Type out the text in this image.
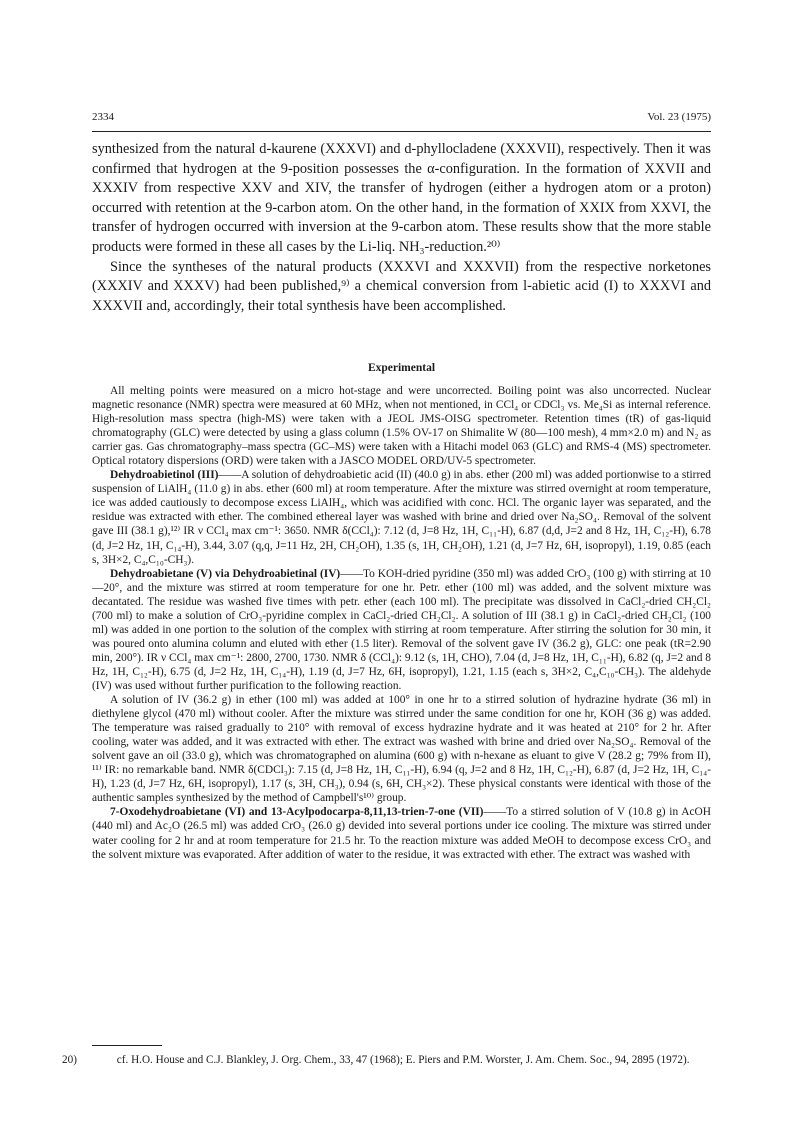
2334	Vol. 23 (1975)

synthesized from the natural d-kaurene (XXXVI) and d-phyllocladene (XXXVII), respectively. Then it was confirmed that hydrogen at the 9-position possesses the α-configuration. In the formation of XXVII and XXXIV from respective XXV and XIV, the transfer of hydrogen (either a hydrogen atom or a proton) occurred with retention at the 9-carbon atom. On the other hand, in the formation of XXIX from XXVI, the transfer of hydrogen occurred with inversion at the 9-carbon atom. These results show that the more stable products were formed in these all cases by the Li-liq. NH₃-reduction.²⁰⁾

Since the syntheses of the natural products (XXXVI and XXXVII) from the respective norketones (XXXIV and XXXV) had been published,⁹⁾ a chemical conversion from l-abietic acid (I) to XXXVI and XXXVII and, accordingly, their total synthesis have been accomplished.

Experimental

All melting points were measured on a micro hot-stage and were uncorrected. Boiling point was also uncorrected. Nuclear magnetic resonance (NMR) spectra were measured at 60 MHz, when not mentioned, in CCl₄ or CDCl₃ vs. Me₄Si as internal reference. High-resolution mass spectra (high-MS) were taken with a JEOL JMS-OISG spectrometer. Retention times (tR) of gas-liquid chromatography (GLC) were detected by using a glass column (1.5% OV-17 on Shimalite W (80—100 mesh), 4 mm×2.0 m) and N₂ as carrier gas. Gas chromatography–mass spectra (GC–MS) were taken with a Hitachi model 063 (GLC) and RMS-4 (MS) spectrometer. Optical rotatory dispersions (ORD) were taken with a JASCO MODEL ORD/UV-5 spectrometer.

Dehydroabietinol (III)——A solution of dehydroabietic acid (II) (40.0 g) in abs. ether (200 ml) was added portionwise to a stirred suspension of LiAlH₄ (11.0 g) in abs. ether (600 ml) at room temperature. After the mixture was stirred overnight at room temperature, ice was added cautiously to decompose excess LiAlH₄, which was acidified with conc. HCl. The organic layer was separated, and the residue was extracted with ether. The combined ethereal layer was washed with brine and dried over Na₂SO₄. Removal of the solvent gave III (38.1 g),¹²⁾ IR ν CCl₄ max cm⁻¹: 3650. NMR δ(CCl₄): 7.12 (d, J=8 Hz, 1H, C₁₁-H), 6.87 (d,d, J=2 and 8 Hz, 1H, C₁₂-H), 6.78 (d, J=2 Hz, 1H, C₁₄-H), 3.44, 3.07 (q,q, J=11 Hz, 2H, CH₂OH), 1.35 (s, 1H, CH₂OH), 1.21 (d, J=7 Hz, 6H, isopropyl), 1.19, 0.85 (each s, 3H×2, C₄,C₁₀-CH₃).

Dehydroabietane (V) via Dehydroabietinal (IV)——To KOH-dried pyridine (350 ml) was added CrO₃ (100 g) with stirring at 10—20°, and the mixture was stirred at room temperature for one hr. Petr. ether (100 ml) was added, and the solvent mixture was decantated. The residue was washed five times with petr. ether (each 100 ml). The precipitate was dissolved in CaCl₂-dried CH₂Cl₂ (700 ml) to make a solution of CrO₃-pyridine complex in CaCl₂-dried CH₂Cl₂. A solution of III (38.1 g) in CaCl₂-dried CH₂Cl₂ (100 ml) was added in one portion to the solution of the complex with stirring at room temperature. After stirring the solution for 30 min, it was poured onto alumina column and eluted with ether (1.5 liter). Removal of the solvent gave IV (36.2 g), GLC: one peak (tR=2.90 min, 200°). IR ν CCl₄ max cm⁻¹: 2800, 2700, 1730. NMR δ (CCl₄): 9.12 (s, 1H, CHO), 7.04 (d, J=8 Hz, 1H, C₁₁-H), 6.82 (q, J=2 and 8 Hz, 1H, C₁₂-H), 6.75 (d, J=2 Hz, 1H, C₁₄-H), 1.19 (d, J=7 Hz, 6H, isopropyl), 1.21, 1.15 (each s, 3H×2, C₄,C₁₀-CH₃). The aldehyde (IV) was used without further purification to the following reaction.

A solution of IV (36.2 g) in ether (100 ml) was added at 100° in one hr to a stirred solution of hydrazine hydrate (36 ml) in diethylene glycol (470 ml) without cooler. After the mixture was stirred under the same condition for one hr, KOH (36 g) was added. The temperature was raised gradually to 210° with removal of excess hydrazine hydrate and it was heated at 210° for 2 hr. After cooling, water was added, and it was extracted with ether. The extract was washed with brine and dried over Na₂SO₄. Removal of the solvent gave an oil (33.0 g), which was chromatographed on alumina (600 g) with n-hexane as eluant to give V (28.2 g; 79% from II), ¹¹⁾ IR: no remarkable band. NMR δ(CDCl₃): 7.15 (d, J=8 Hz, 1H, C₁₁-H), 6.94 (q, J=2 and 8 Hz, 1H, C₁₂-H), 6.87 (d, J=2 Hz, 1H, C₁₄-H), 1.23 (d, J=7 Hz, 6H, isopropyl), 1.17 (s, 3H, CH₃), 0.94 (s, 6H, CH₃×2). These physical constants were identical with those of the authentic samples synthesized by the method of Campbell's¹⁰⁾ group.

7-Oxodehydroabietane (VI) and 13-Acylpodocarpa-8,11,13-trien-7-one (VII)——To a stirred solution of V (10.8 g) in AcOH (440 ml) and Ac₂O (26.5 ml) was added CrO₃ (26.0 g) devided into several portions under ice cooling. The mixture was stirred under water cooling for 2 hr and at room temperature for 21.5 hr. To the reaction mixture was added MeOH to decompose excess CrO₃ and the solvent mixture was evaporated. After addition of water to the residue, it was extracted with ether. The extract was washed with

20)	cf. H.O. House and C.J. Blankley, J. Org. Chem., 33, 47 (1968); E. Piers and P.M. Worster, J. Am. Chem. Soc., 94, 2895 (1972).
